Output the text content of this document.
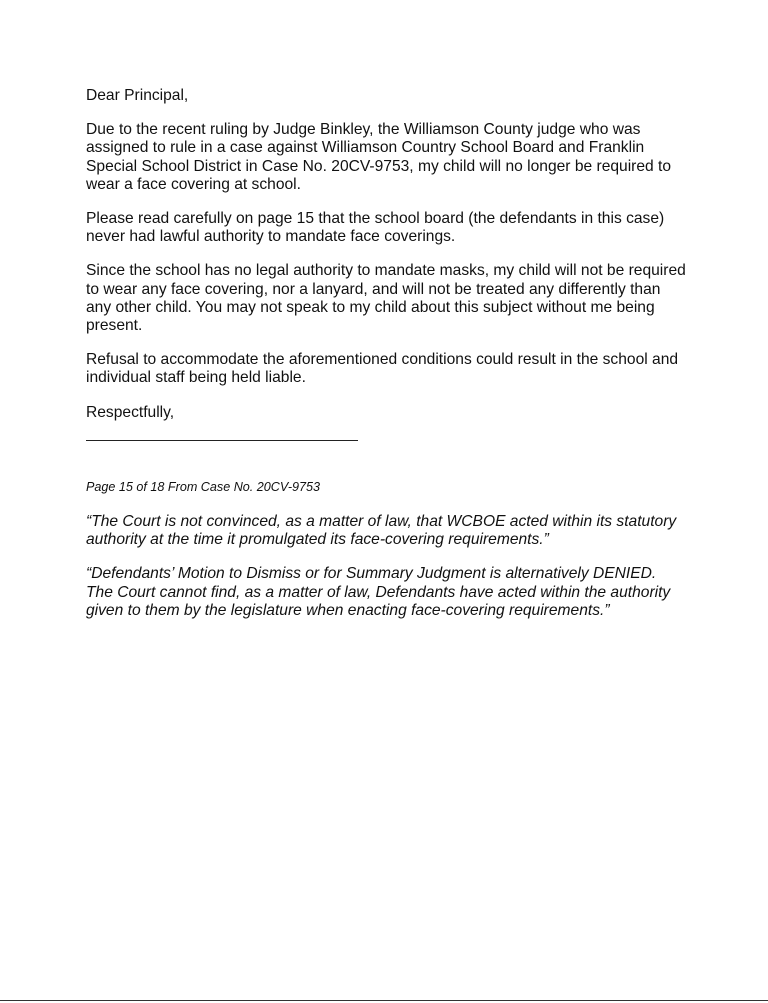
Dear Principal,

Due to the recent ruling by Judge Binkley, the Williamson County judge who was assigned to rule in a case against Williamson Country School Board and Franklin Special School District in Case No. 20CV-9753, my child will no longer be required to wear a face covering at school.

Please read carefully on page 15 that the school board (the defendants in this case) never had lawful authority to mandate face coverings.

Since the school has no legal authority to mandate masks, my child will not be required to wear any face covering, nor a lanyard, and will not be treated any differently than any other child. You may not speak to my child about this subject without me being present.

Refusal to accommodate the aforementioned conditions could result in the school and individual staff being held liable.

Respectfully,

Page 15 of 18 From Case No. 20CV-9753

“The Court is not convinced, as a matter of law, that WCBOE acted within its statutory authority at the time it promulgated its face-covering requirements.”

“Defendants’ Motion to Dismiss or for Summary Judgment is alternatively DENIED. The Court cannot find, as a matter of law, Defendants have acted within the authority given to them by the legislature when enacting face-covering requirements.”
